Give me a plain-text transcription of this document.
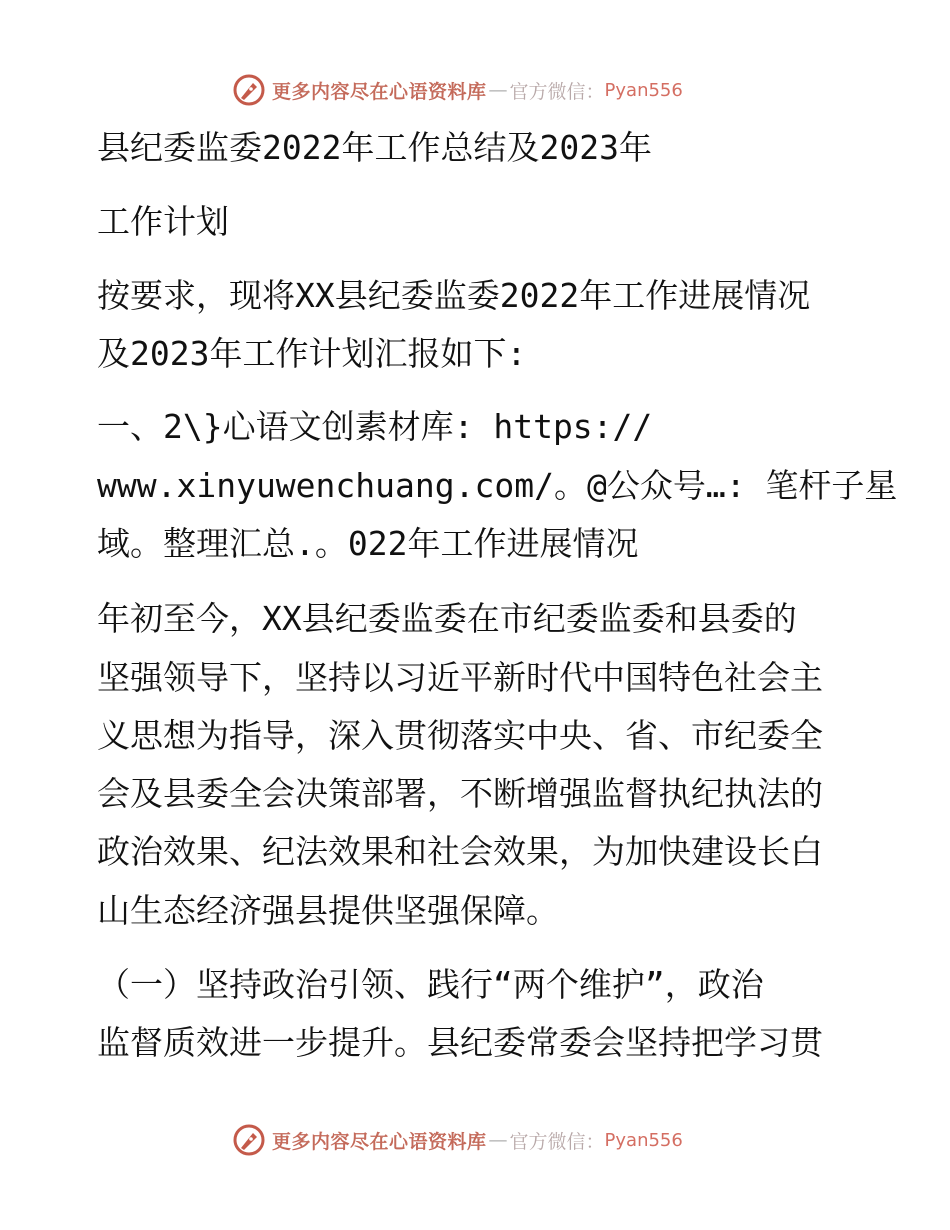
更多内容尽在心语资料库 — 官方微信： Pyan556
县纪委监委2022年工作总结及2023年
工作计划
按要求，现将XX县纪委监委2022年工作进展情况
及2023年工作计划汇报如下:
一、2\}心语文创素材库: https://
www.xinyuwenchuang.com/。@公众号…: 笔杆子星
域。整理汇总.。022年工作进展情况
年初至今，XX县纪委监委在市纪委监委和县委的
坚强领导下，坚持以习近平新时代中国特色社会主
义思想为指导，深入贯彻落实中央、省、市纪委全
会及县委全会决策部署，不断增强监督执纪执法的
政治效果、纪法效果和社会效果，为加快建设长白
山生态经济强县提供坚强保障。
（一）坚持政治引领、践行“两个维护”，政治
监督质效进一步提升。县纪委常委会坚持把学习贯
更多内容尽在心语资料库 — 官方微信： Pyan556
